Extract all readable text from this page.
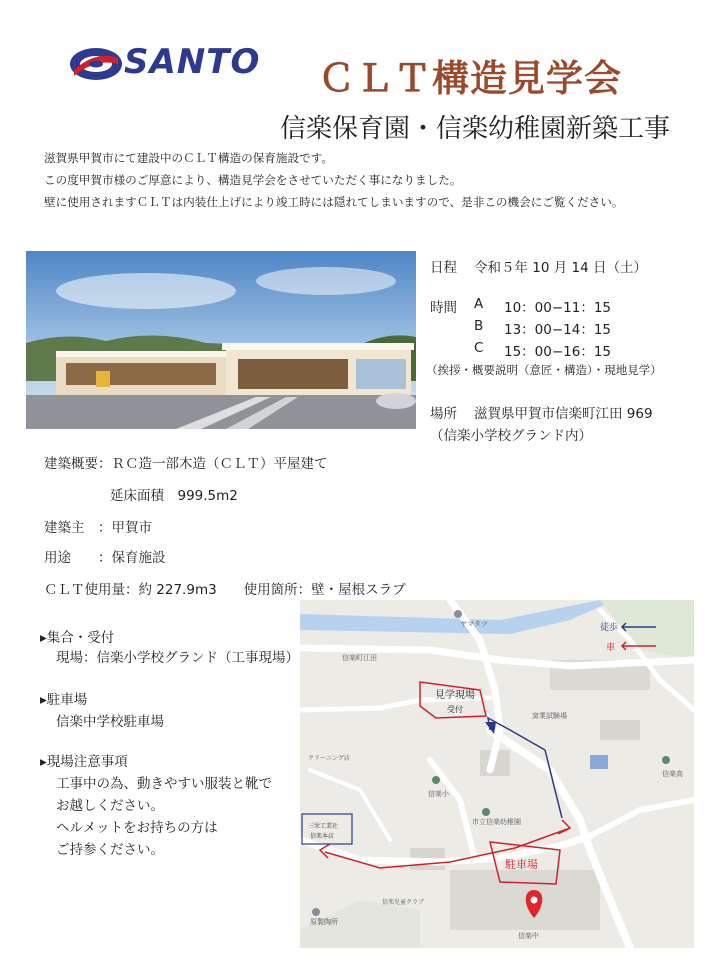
SANTO ＣＬＴ構造見学会
信楽保育園・信楽幼稚園新築工事
滋賀県甲賀市にて建設中のＣＬＴ構造の保育施設です。
この度甲賀市様のご厚意により、構造見学会をさせていただく事になりました。
壁に使用されますＣＬＴは内装仕上げにより竣工時には隠れてしまいますので、是非この機会にご覧ください。
日程 令和５年 10 月 14 日（土）
時間 A 10：00−11：15
B 13：00−14：15
C 15：00−16：15
（挨拶・概要説明（意匠・構造）・現地見学）
場所 滋賀県甲賀市信楽町江田 969
（信楽小学校グランド内）
建築概要：ＲＣ造一部木造（ＣＬＴ）平屋建て
延床面積　999.5m2
建築主　：甲賀市
用途　　：保育施設
ＣＬＴ使用量：約 227.9m3　　使用箇所：壁・屋根スラブ
▸集合・受付
現場：信楽小学校グランド（工事現場）
▸駐車場
信楽中学校駐車場
▸現場注意事項
工事中の為、動きやすい服装と靴で
お越しください。
ヘルメットをお持ちの方は
ご持参ください。
徒歩
車
見学現場
受付
駐車場
三栄工業社
信楽本店
ヤマタツ
信楽町江田
窯業試験場
クリーニング店
信楽小
市立信楽幼稚園
信楽高
原製陶所
信楽児童クラブ
信楽中
